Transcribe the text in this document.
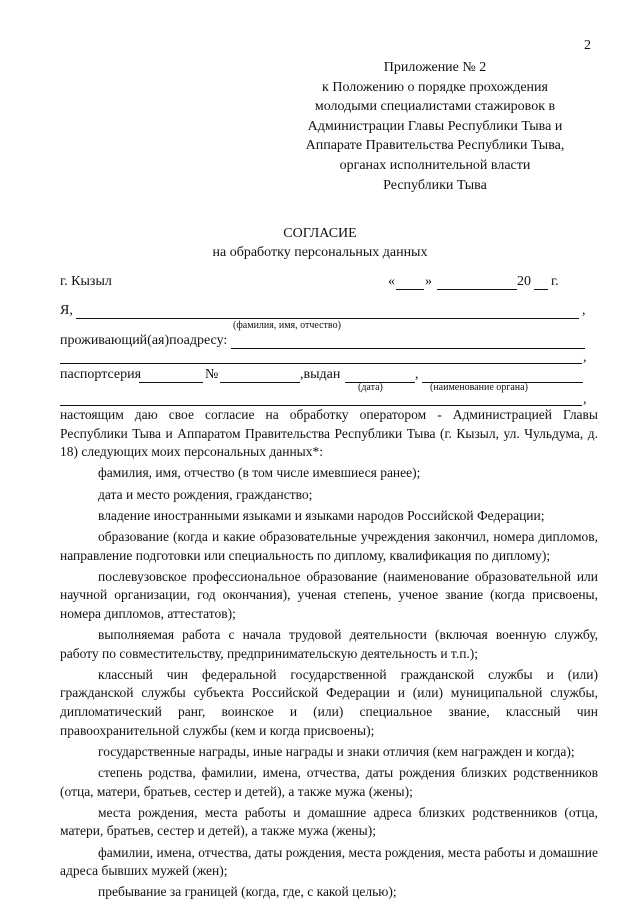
2
Приложение № 2
к Положению о порядке прохождения
молодыми специалистами стажировок в
Администрации Главы Республики Тыва и
Аппарате Правительства Республики Тыва,
органах исполнительной власти
Республики Тыва
СОГЛАСИЕ
на обработку персональных данных
г. Кызыл	« »	20 г.
Я,	,
(фамилия, имя, отчество)
проживающий(ая)поадресу:
,
паспортсерия	№	,выдан	,
(дата)	(наименование органа)
,

настоящим даю свое согласие на обработку оператором - Администрацией Главы Республики Тыва и Аппаратом Правительства Республики Тыва (г. Кызыл, ул. Чульдума, д. 18) следующих моих персональных данных*:

фамилия, имя, отчество (в том числе имевшиеся ранее);

дата и место рождения, гражданство;

владение иностранными языками и языками народов Российской Федерации;

образование (когда и какие образовательные учреждения закончил, номера дипломов, направление подготовки или специальность по диплому, квалификация по диплому);

послевузовское профессиональное образование (наименование образовательной или научной организации, год окончания), ученая степень, ученое звание (когда присвоены, номера дипломов, аттестатов);

выполняемая работа с начала трудовой деятельности (включая военную службу, работу по совместительству, предпринимательскую деятельность и т.п.);

классный чин федеральной государственной гражданской службы и (или) гражданской службы субъекта Российской Федерации и (или) муниципальной службы, дипломатический ранг, воинское и (или) специальное звание, классный чин правоохранительной службы (кем и когда присвоены);

государственные награды, иные награды и знаки отличия (кем награжден и когда);

степень родства, фамилии, имена, отчества, даты рождения близких родственников (отца, матери, братьев, сестер и детей), а также мужа (жены);

места рождения, места работы и домашние адреса близких родственников (отца, матери, братьев, сестер и детей), а также мужа (жены);

фамилии, имена, отчества, даты рождения, места рождения, места работы и домашние адреса бывших мужей (жен);

пребывание за границей (когда, где, с какой целью);
